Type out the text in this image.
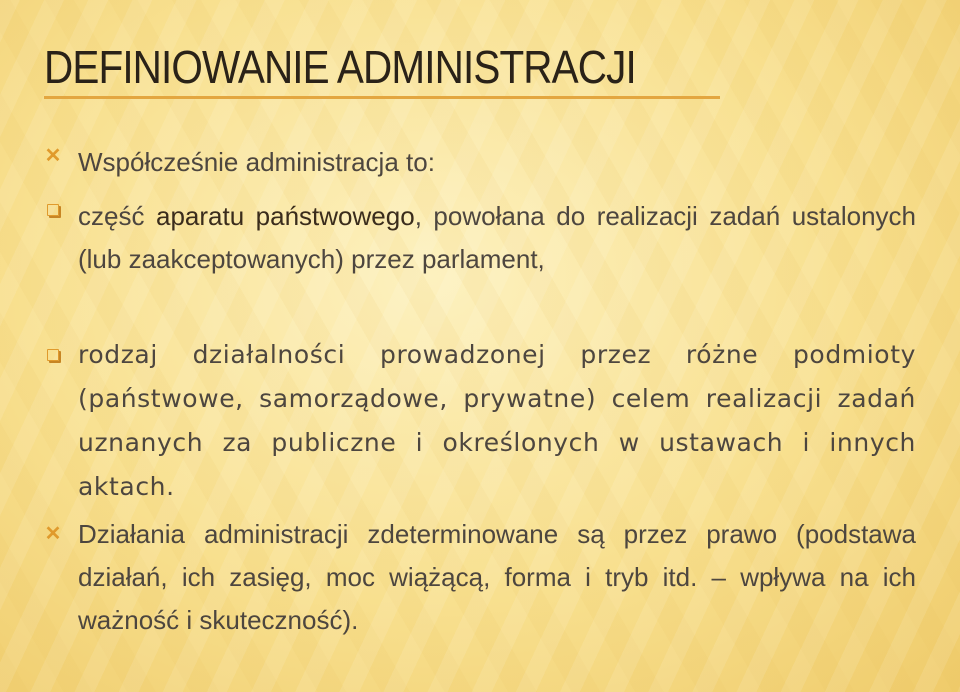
DEFINIOWANIE ADMINISTRACJI
✕ Współcześnie administracja to:
część aparatu państwowego, powołana do realizacji zadań ustalonych (lub zaakceptowanych) przez parlament,
rodzaj działalności prowadzonej przez różne podmioty (państwowe, samorządowe, prywatne) celem realizacji zadań uznanych za publiczne i określonych w ustawach i innych aktach.
✕ Działania administracji zdeterminowane są przez prawo (podstawa działań, ich zasięg, moc wiążącą, forma i tryb itd. – wpływa na ich ważność i skuteczność).
